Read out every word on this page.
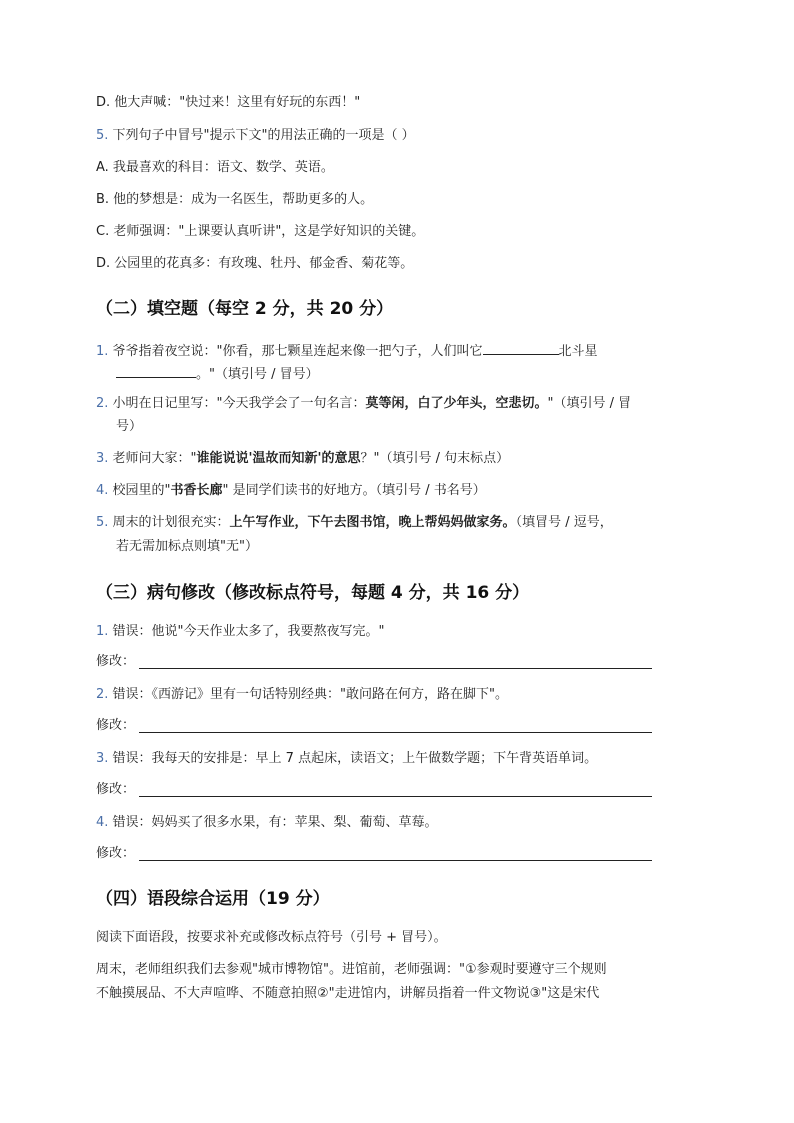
D. 他大声喊："快过来！这里有好玩的东西！"
5. 下列句子中冒号"提示下文"的用法正确的一项是（ ）
A. 我最喜欢的科目：语文、数学、英语。
B. 他的梦想是：成为一名医生，帮助更多的人。
C. 老师强调："上课要认真听讲"，这是学好知识的关键。
D. 公园里的花真多：有玫瑰、牡丹、郁金香、菊花等。
（二）填空题（每空 2 分，共 20 分）
1. 爷爷指着夜空说："你看，那七颗星连起来像一把勺子，人们叫它	北斗星
。"（填引号 / 冒号）
2. 小明在日记里写："今天我学会了一句名言：莫等闲，白了少年头，空悲切。"（填引号 / 冒
号）
3. 老师问大家："谁能说说'温故而知新'的意思？"（填引号 / 句末标点）
4. 校园里的"书香长廊" 是同学们读书的好地方。（填引号 / 书名号）
5. 周末的计划很充实：上午写作业，下午去图书馆，晚上帮妈妈做家务。（填冒号 / 逗号，
若无需加标点则填"无"）
（三）病句修改（修改标点符号，每题 4 分，共 16 分）
1. 错误：他说"今天作业太多了，我要熬夜写完。"
修改：
2. 错误：《西游记》里有一句话特别经典："敢问路在何方，路在脚下"。
修改：
3. 错误：我每天的安排是：早上 7 点起床，读语文；上午做数学题；下午背英语单词。
修改：
4. 错误：妈妈买了很多水果，有：苹果、梨、葡萄、草莓。
修改：
（四）语段综合运用（19 分）
阅读下面语段，按要求补充或修改标点符号（引号 + 冒号）。
周末，老师组织我们去参观"城市博物馆"。进馆前，老师强调："①参观时要遵守三个规则
不触摸展品、不大声喧哗、不随意拍照②"走进馆内，讲解员指着一件文物说③"这是宋代
